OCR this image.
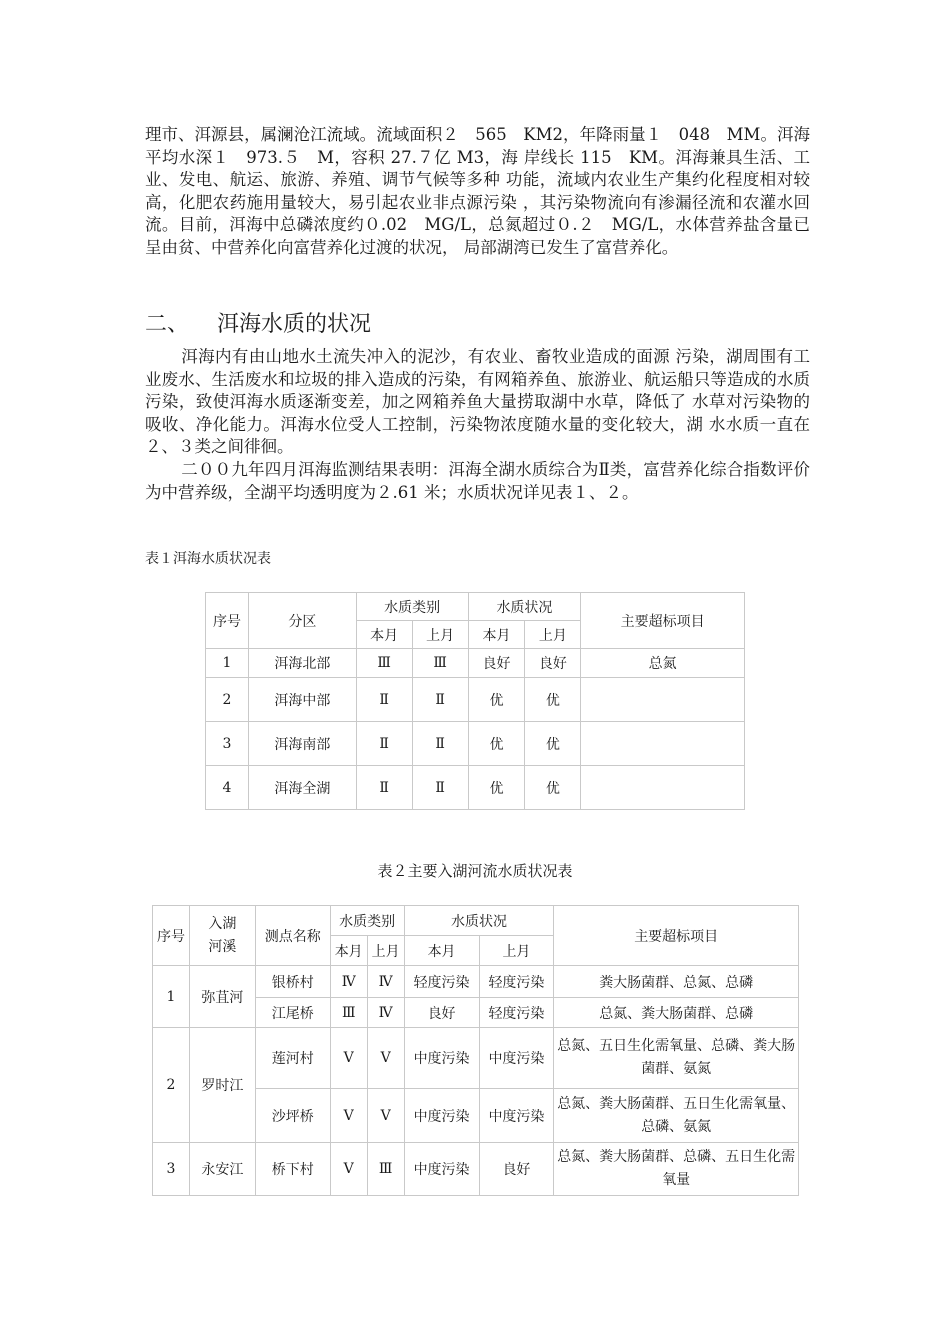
理市、洱源县，属澜沧江流域。流域面积２　565　KM2，年降雨量１　048　MM。洱海平均水深１　973.５　M，容积 27.７亿 M3，海 岸线长 115　KM。洱海兼具生活、工业、发电、航运、旅游、养殖、调节气候等多种 功能，流域内农业生产集约化程度相对较高，化肥农药施用量较大，易引起农业非点源污染 ，其污染物流向有渗漏径流和农灌水回流。目前，洱海中总磷浓度约０.02　MG/L，总氮超过０.２　MG/L，水体营养盐含量已呈由贫、中营养化向富营养化过渡的状况， 局部湖湾已发生了富营养化。

二、 洱海水质的状况

洱海内有由山地水土流失冲入的泥沙，有农业、畜牧业造成的面源 污染，湖周围有工业废水、生活废水和垃圾的排入造成的污染，有网箱养鱼、旅游业、航运船只等造成的水质污染，致使洱海水质逐渐变差，加之网箱养鱼大量捞取湖中水草，降低了 水草对污染物的吸收、净化能力。洱海水位受人工控制，污染物浓度随水量的变化较大，湖 水水质一直在２、３类之间徘徊。

二００九年四月洱海监测结果表明：洱海全湖水质综合为Ⅱ类，富营养化综合指数评价为中营养级，全湖平均透明度为２.61 米；水质状况详见表１、２。

表１洱海水质状况表
序号	分区	水质类别		水质状况		主要超标项目
		本月	上月	本月	上月	
1	洱海北部	Ⅲ	Ⅲ	良好	良好	总氮
2	洱海中部	Ⅱ	Ⅱ	优	优	
3	洱海南部	Ⅱ	Ⅱ	优	优	
4	洱海全湖	Ⅱ	Ⅱ	优	优	
表２主要入湖河流水质状况表
序号	入湖
河溪	测点名称	水质类别		水质状况		主要超标项目
			本月	上月	本月	上月	
1	弥苴河	银桥村	Ⅳ	Ⅳ	轻度污染	轻度污染	粪大肠菌群、总氮、总磷
		江尾桥	Ⅲ	Ⅳ	良好	轻度污染	总氮、粪大肠菌群、总磷
2	罗时江	莲河村	Ⅴ	Ⅴ	中度污染	中度污染	总氮、五日生化需氧量、总磷、粪大肠菌群、氨氮
		沙坪桥	Ⅴ	Ⅴ	中度污染	中度污染	总氮、粪大肠菌群、五日生化需氧量、总磷、氨氮
3	永安江	桥下村	Ⅴ	Ⅲ	中度污染	良好	总氮、粪大肠菌群、总磷、五日生化需氧量
